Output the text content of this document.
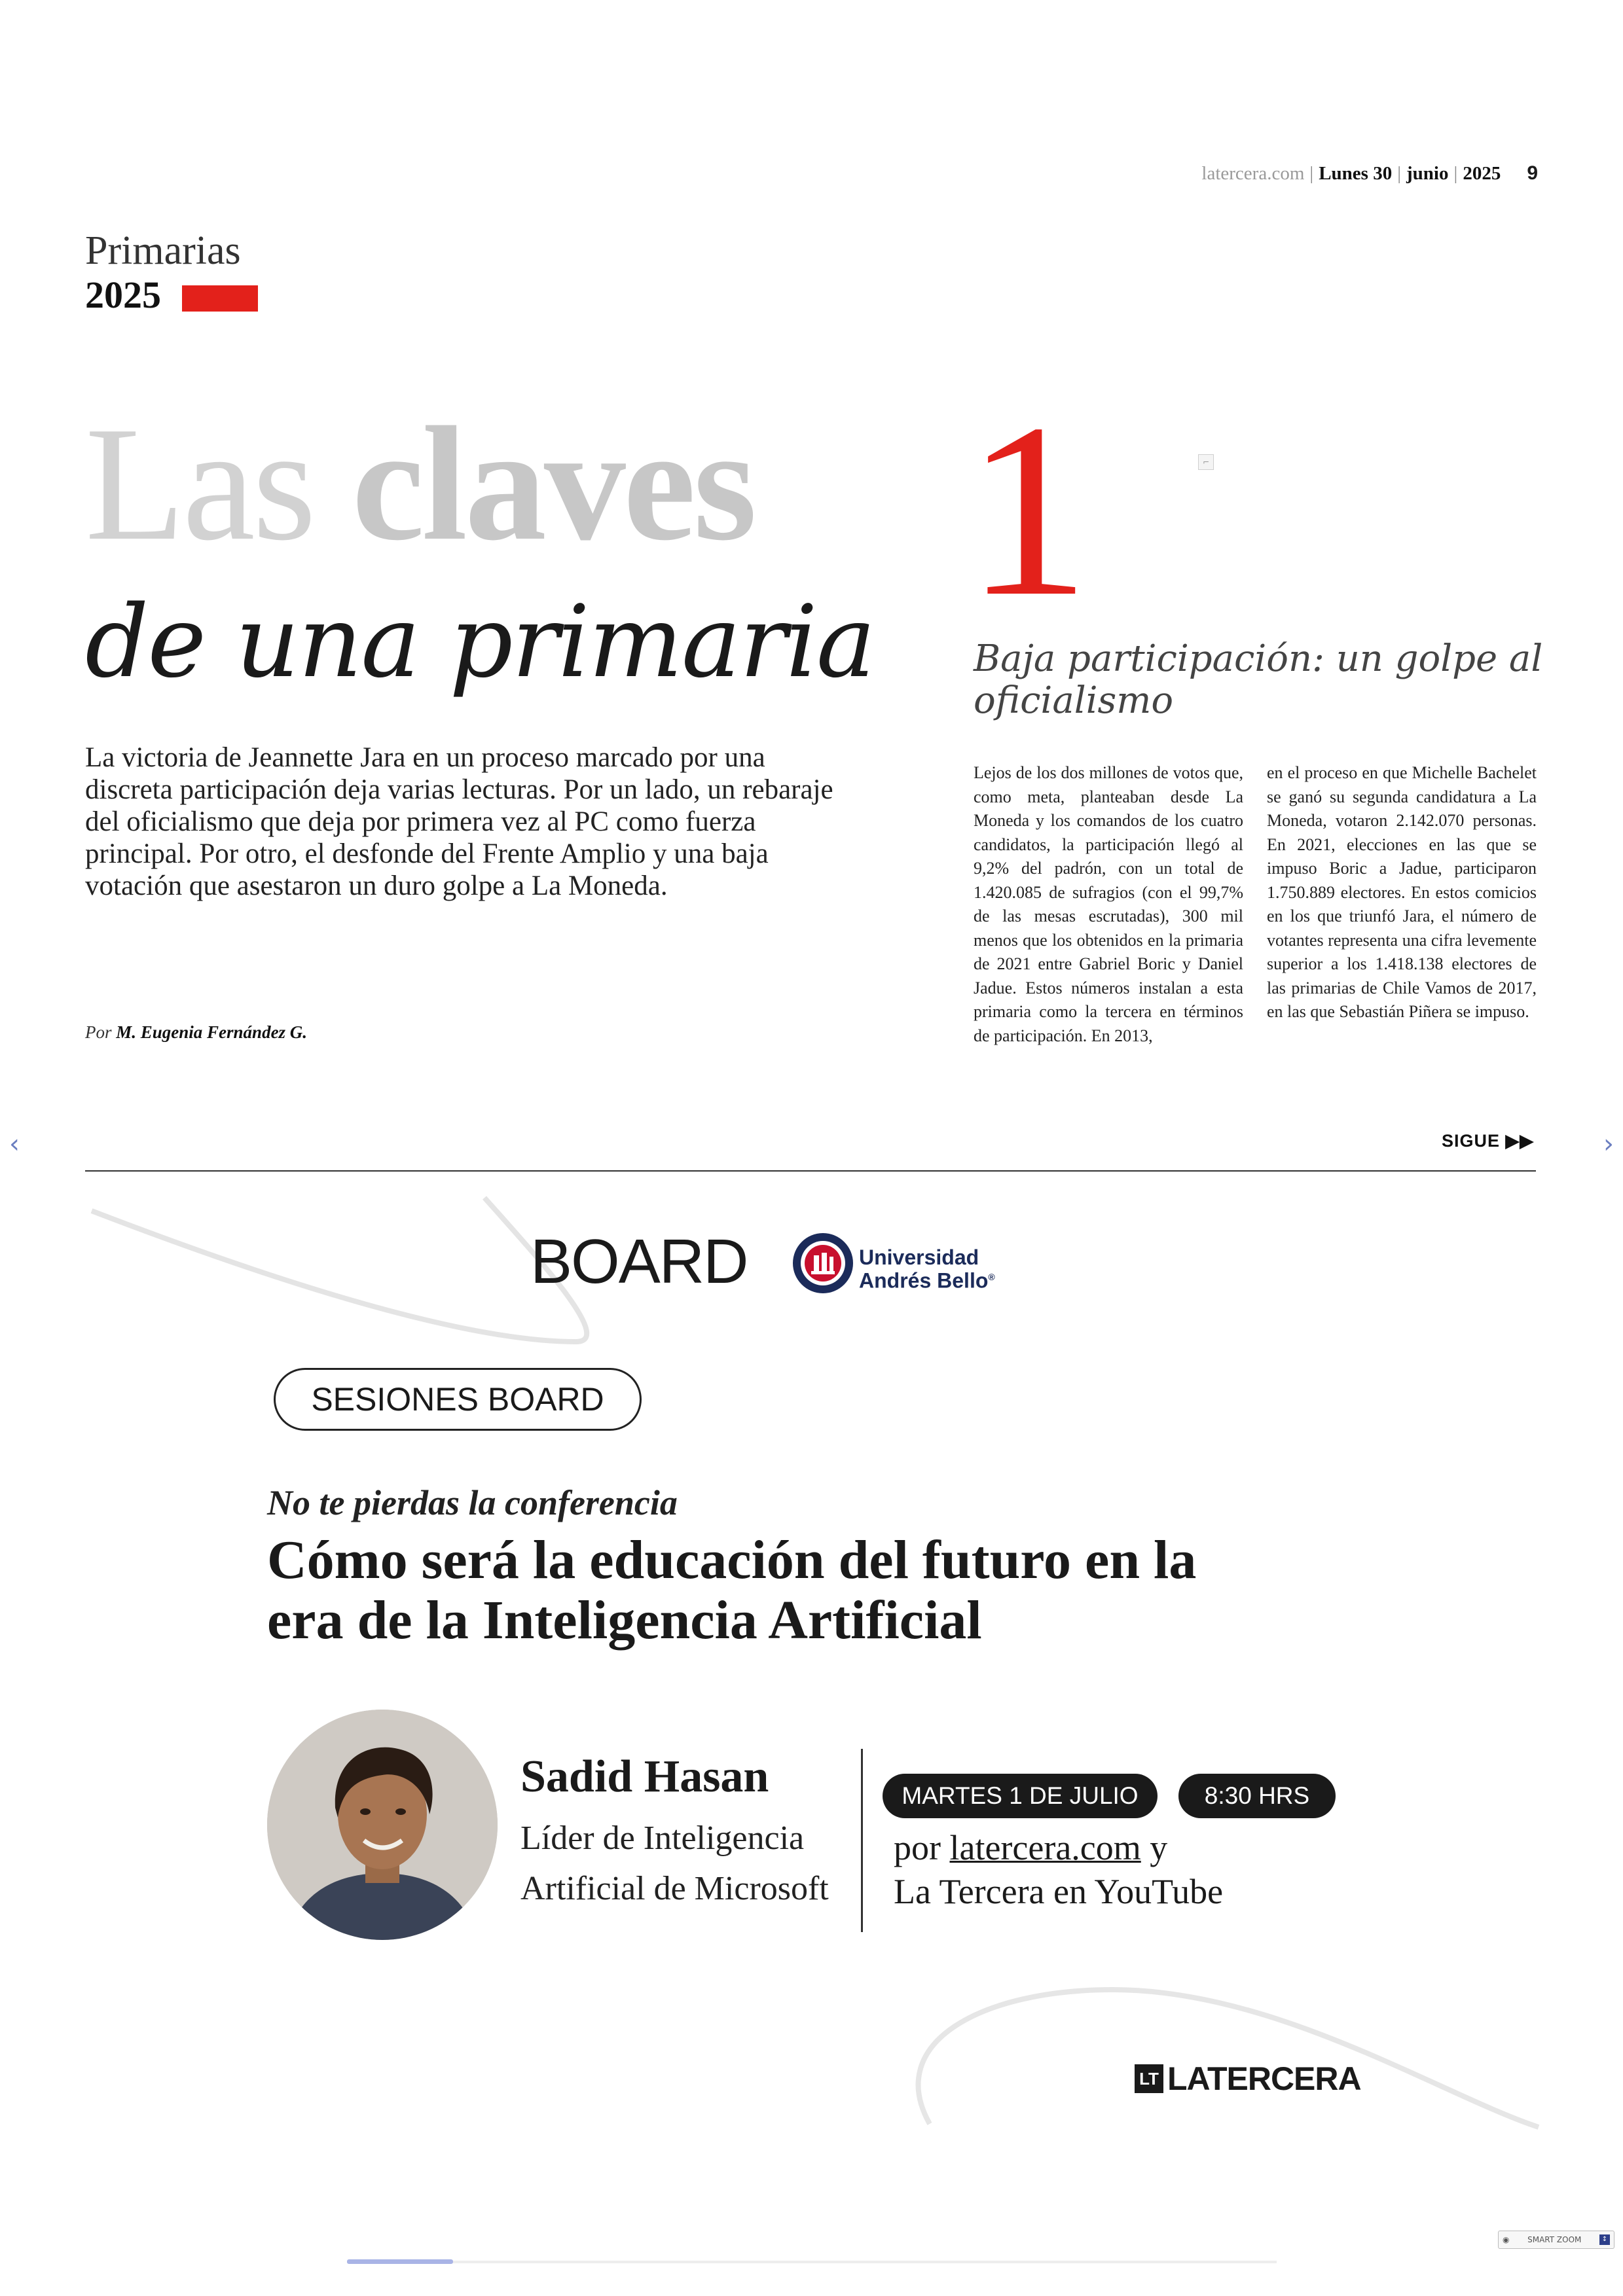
latercera.com | Lunes 30 | junio | 2025 9
Primarias
2025
Las claves
de una primaria

La victoria de Jeannette Jara en un proceso marcado por una discreta participación deja varias lecturas. Por un lado, un rebaraje del oficialismo que deja por primera vez al PC como fuerza principal. Por otro, el desfonde del Frente Amplio y una baja votación que asestaron un duro golpe a La Moneda.

Por M. Eugenia Fernández G.
1	⌐
Baja participación: un golpe al oficialismo

Lejos de los dos millones de votos que, como meta, planteaban desde La Moneda y los comandos de los cuatro candidatos, la participación llegó al 9,2% del padrón, con un total de 1.420.085 de sufragios (con el 99,7% de las mesas escrutadas), 300 mil menos que los obtenidos en la primaria de 2021 entre Gabriel Boric y Daniel Jadue. Estos números instalan a esta primaria como la tercera en términos de participación. En 2013,

en el proceso en que Michelle Bachelet se ganó su segunda candidatura a La Moneda, votaron 2.142.070 personas. En 2021, elecciones en las que se impuso Boric a Jadue, participaron 1.750.889 electores. En estos comicios en los que triunfó Jara, el número de votantes representa una cifra levemente superior a los 1.418.138 electores de las primarias de Chile Vamos de 2017, en las que Sebastián Piñera se impuso.

SIGUE ▶▶
‹	›
BOARD	Universidad
Andrés Bello®
SESIONES BOARD
No te pierdas la conferencia
Cómo será la educación del futuro en la era de la Inteligencia Artificial
Sadid Hasan

Líder de Inteligencia Artificial de Microsoft

MARTES 1 DE JULIO	8:30 HRS
por latercera.com y
La Tercera en YouTube
LT LATERCERA
◉ SMART ZOOM	↕
